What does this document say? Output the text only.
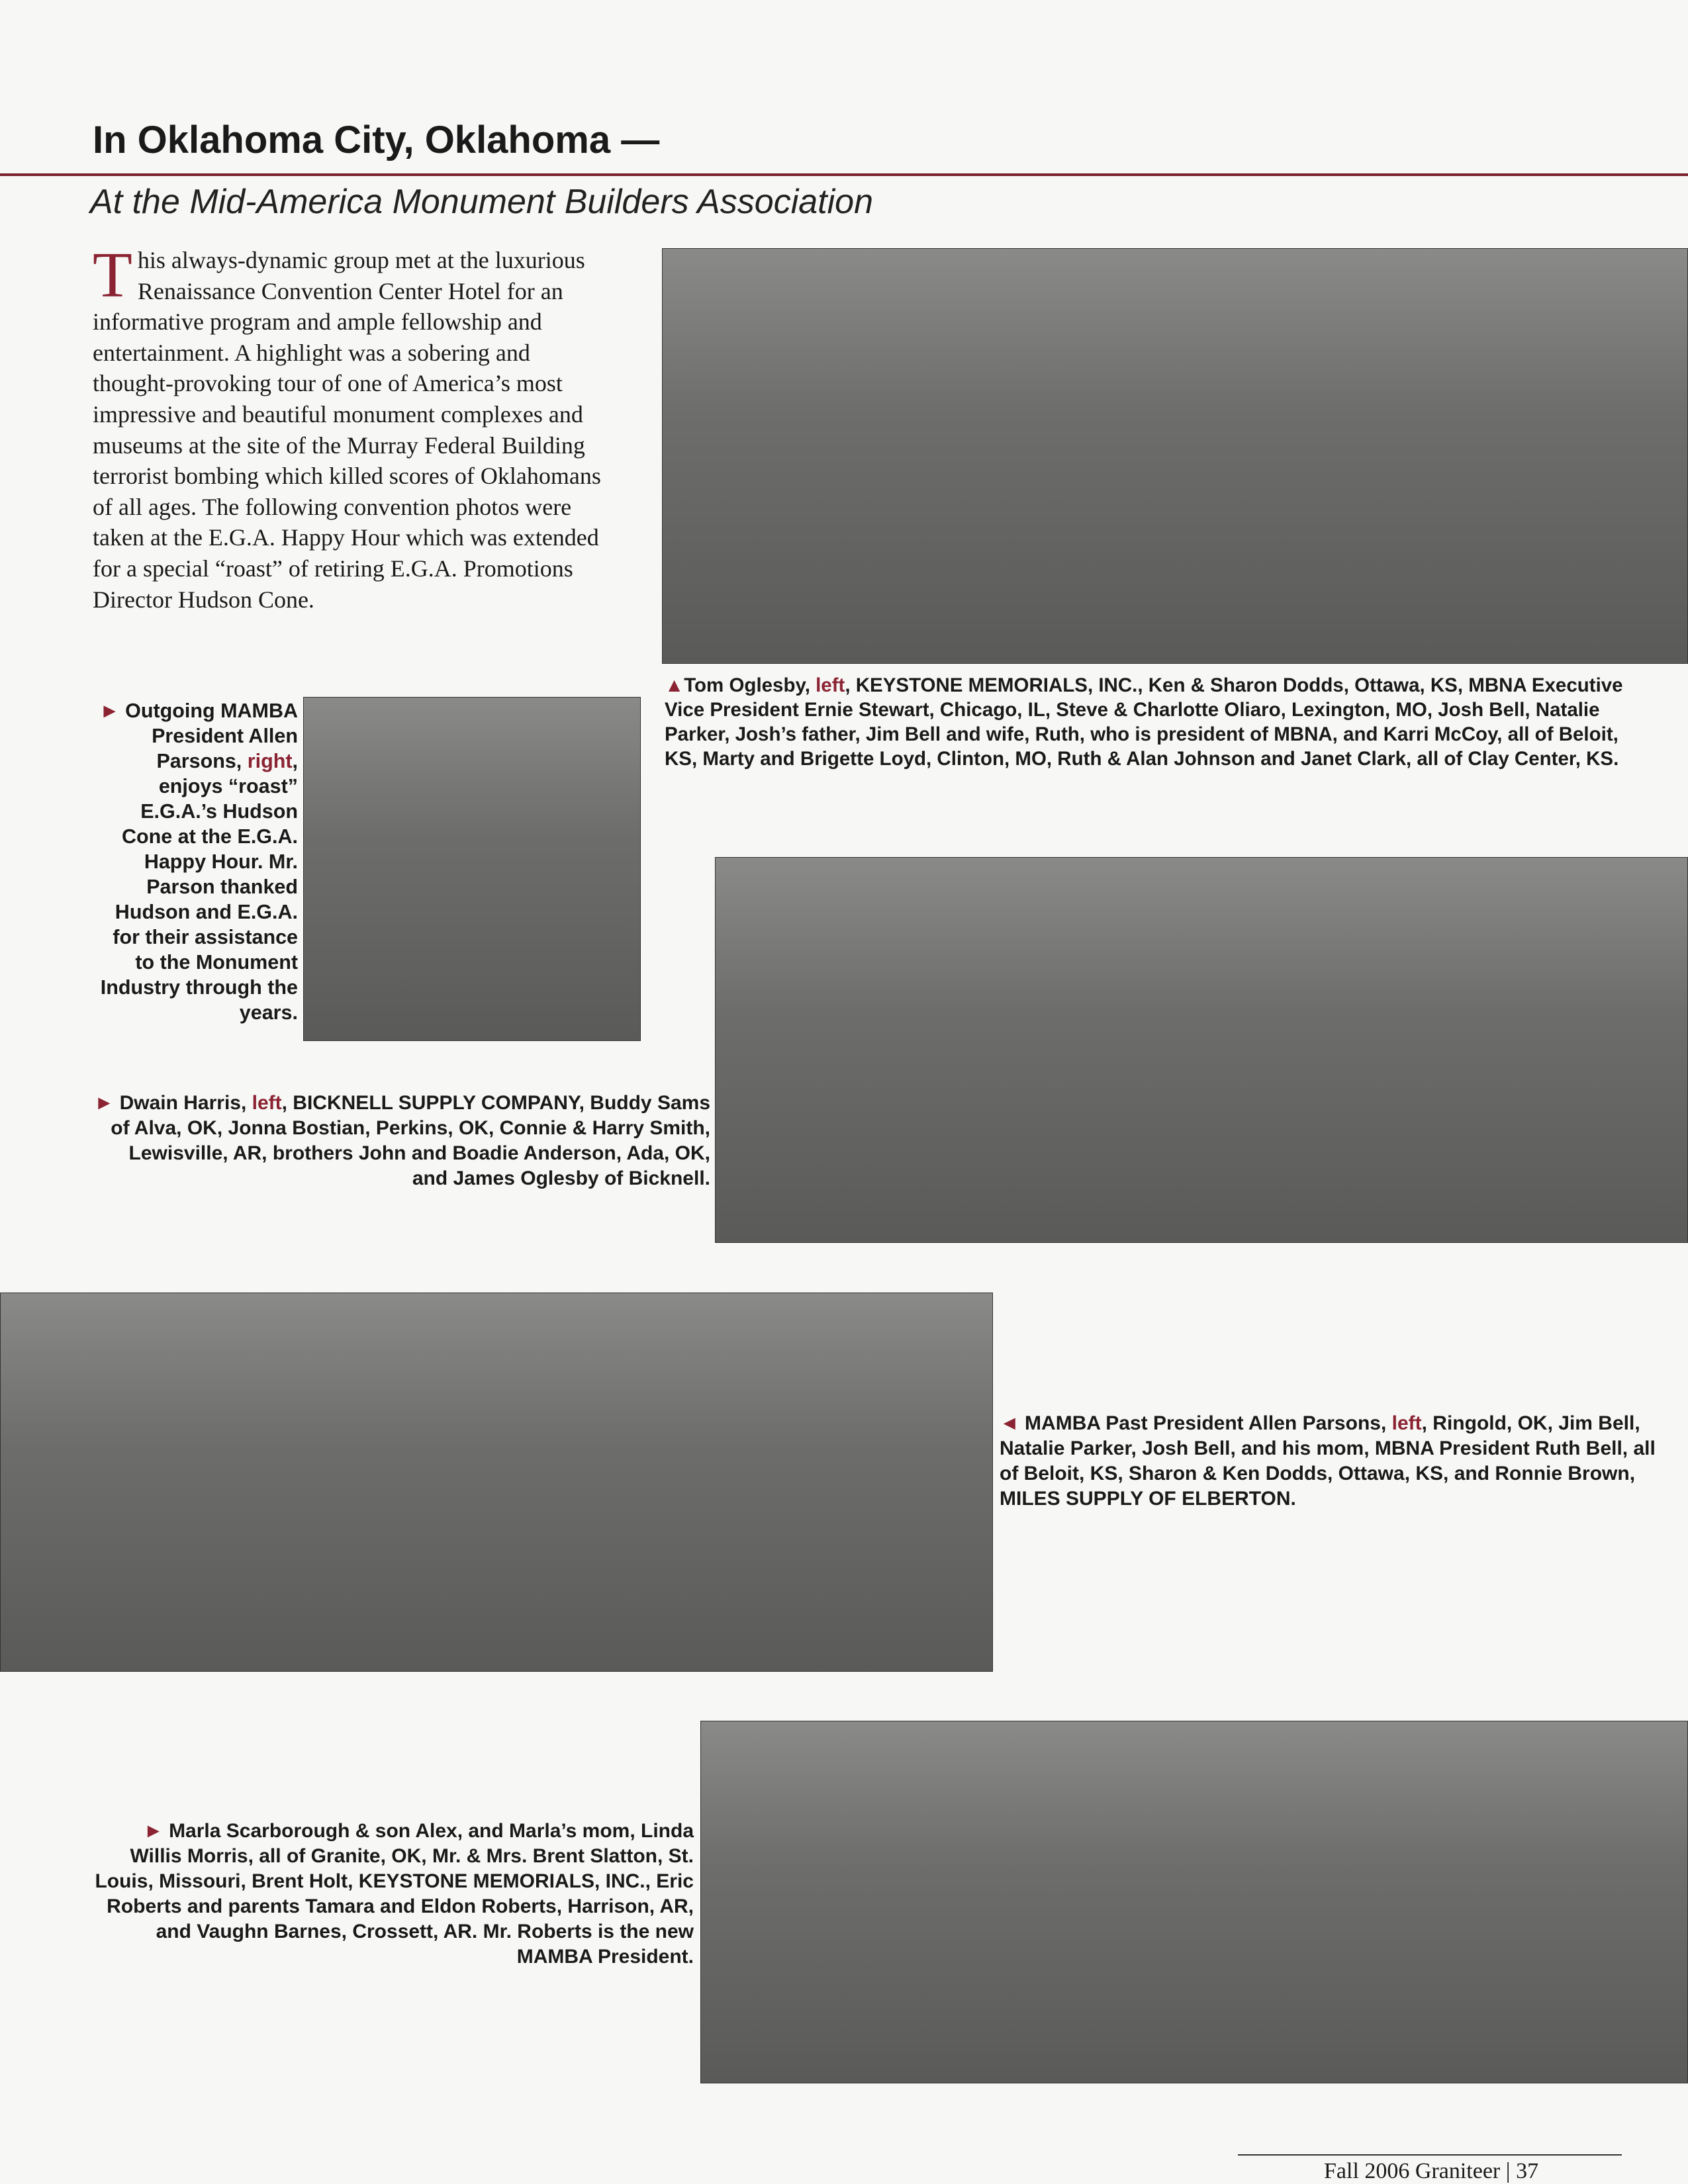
In Oklahoma City, Oklahoma —
At the Mid-America Monument Builders Association

This always-dynamic group met at the luxurious Renaissance Convention Center Hotel for an informative program and ample fellowship and entertainment. A highlight was a sobering and thought-provoking tour of one of America’s most impressive and beautiful monument complexes and museums at the site of the Murray Federal Building terrorist bombing which killed scores of Oklahomans of all ages. The following convention photos were taken at the E.G.A. Happy Hour which was extended for a special “roast” of retiring E.G.A. Promotions Director Hudson Cone.

▲Tom Oglesby, left, KEYSTONE MEMORIALS, INC., Ken & Sharon Dodds, Ottawa, KS, MBNA Executive Vice President Ernie Stewart, Chicago, IL, Steve & Charlotte Oliaro, Lexington, MO, Josh Bell, Natalie Parker, Josh’s father, Jim Bell and wife, Ruth, who is president of MBNA, and Karri McCoy, all of Beloit, KS, Marty and Brigette Loyd, Clinton, MO, Ruth & Alan Johnson and Janet Clark, all of Clay Center, KS.

► Outgoing MAMBA President Allen Parsons, right, enjoys “roast” E.G.A.’s Hudson Cone at the E.G.A. Happy Hour. Mr. Parson thanked Hudson and E.G.A. for their assistance to the Monument Industry through the years.

► Dwain Harris, left, BICKNELL SUPPLY COMPANY, Buddy Sams of Alva, OK, Jonna Bostian, Perkins, OK, Connie & Harry Smith, Lewisville, AR, brothers John and Boadie Anderson, Ada, OK, and James Oglesby of Bicknell.

◄ MAMBA Past President Allen Parsons, left, Ringold, OK, Jim Bell, Natalie Parker, Josh Bell, and his mom, MBNA President Ruth Bell, all of Beloit, KS, Sharon & Ken Dodds, Ottawa, KS, and Ronnie Brown, MILES SUPPLY OF ELBERTON.

► Marla Scarborough & son Alex, and Marla’s mom, Linda Willis Morris, all of Granite, OK, Mr. & Mrs. Brent Slatton, St. Louis, Missouri, Brent Holt, KEYSTONE MEMORIALS, INC., Eric Roberts and parents Tamara and Eldon Roberts, Harrison, AR, and Vaughn Barnes, Crossett, AR. Mr. Roberts is the new MAMBA President.

Fall 2006 Graniteer | 37
